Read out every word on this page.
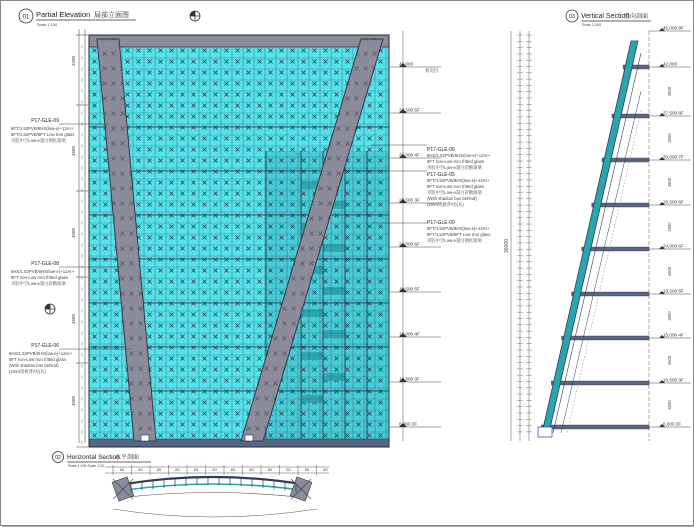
01 Partial Elevation 局部立面图
Scale 1:100
4500
4500
4500
4500
4500
P17-GLE-09
8FT/1.52PVB/8HS(low-e)+12Ar+
8FT/1.52PVB/8FT Low Iron glass
夹胶中空Low-e超白钢化玻璃
P17-GLE-08
6HS/1.52PVB/6HS(low-e)+12Ar+
8FT non-Low Iron fritted glass
夹胶中空Low-e超白彩釉玻璃
P17-GLE-06
6HS/1.52PVB/6HS(low-e)+12Ar+
8FT non-Low Iron fritted glass
(With shadow box behind)
(2mm铝板背衬)(灰)
42,000
37,500 5F
33,000 4F
28,500 3F
24,000 6F
19,500 5F
15,000 4F
10,500 3F
6,000 2F
机房层
P17-GLE-06
6HS/1.52PVB/6HS(low-e)+12Ar+
8FT non-Low Iron fritted glass
夹胶中空Low-e超白彩釉玻璃
P17-GLE-05
8FT/1.52PVB/8HS(low-e)+12Ar+
8FT non-Low Iron fritted glass
夹胶中空Low-e超白彩釉玻璃
(With shadow box behind)
(2mm铝板背衬)(灰)
P17-GLE-09
8FT/1.52PVB/8HS(low-e)+12Ar+
8FT/1.52PVB/8FT Low Iron glass
夹胶中空Low-e超白钢化玻璃
03 Vertical Section
竖向剖面
Scale 1:100
36000
45,000 9F
42,000
37,500 8F
33,000 7F
28,500 6F
24,000 6F
19,500 5F
15,000 4F
10,500 3F
6,000 2F
4500
4500
4500
4500
4500
4500
4500
4500
02 Horizontal Section
水平剖面
Scale 1:100 Scale 1:20
60	60	60	60	60	60	60	60	60	60	60	60
